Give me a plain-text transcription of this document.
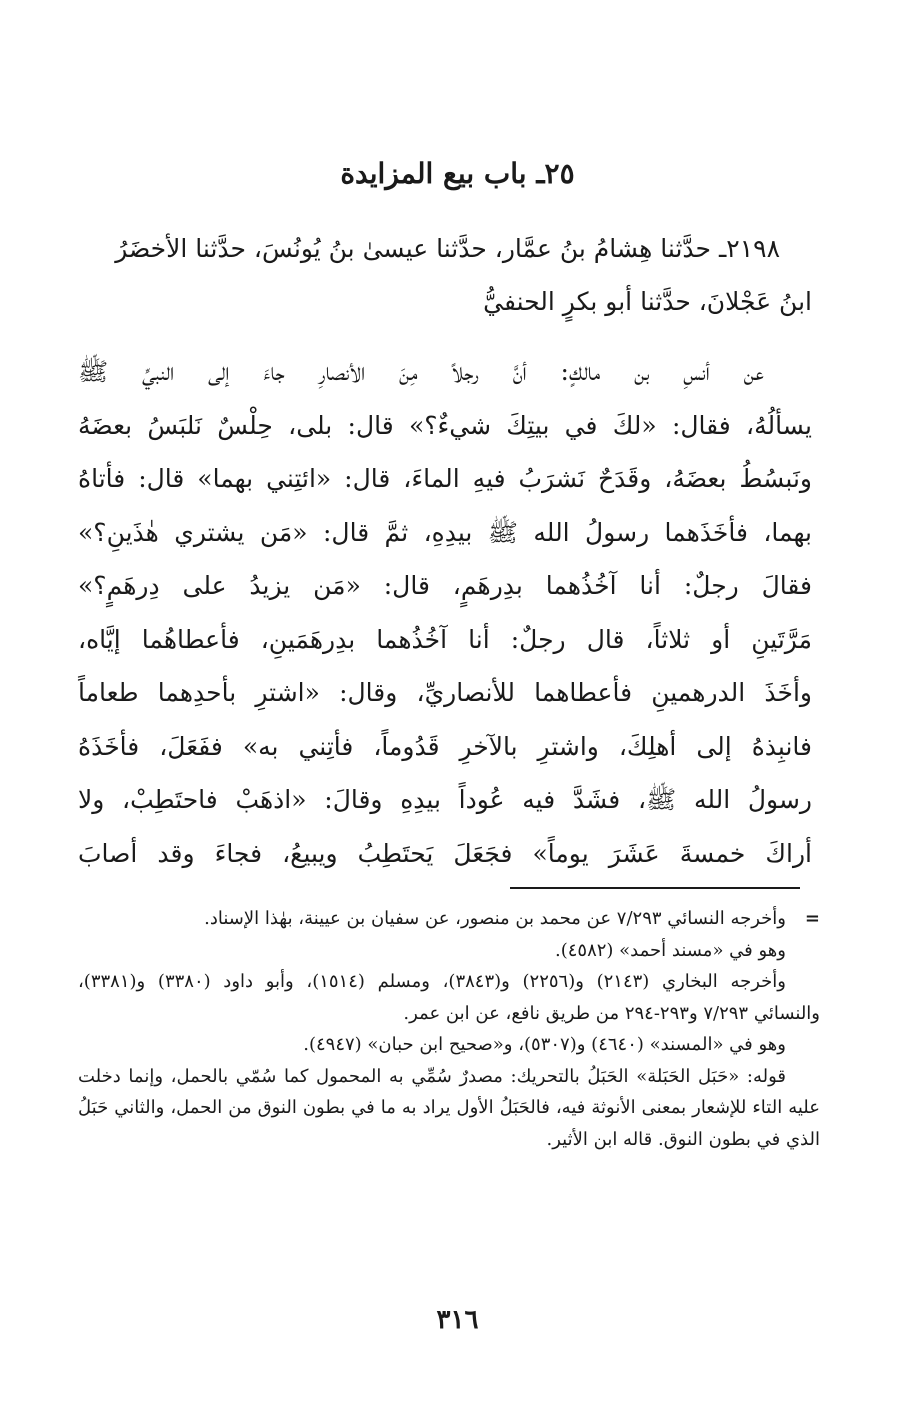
٢٥ـ باب بيع المزايدة
٢١٩٨ـ حدَّثنا هِشامُ بنُ عمَّار، حدَّثنا عيسىٰ بنُ يُونُسَ، حدَّثنا الأخضَرُ
ابنُ عَجْلانَ، حدَّثنا أبو بكرٍ الحنفيُّ
عن أنسِ بن مالكٍ: أنَّ رجلاً مِنَ الأنصارِ جاءَ إلى النبيِّ ﷺ
يسألُهُ، فقال: «لكَ في بيتِكَ شيءٌ؟» قال: بلى، حِلْسٌ نَلبَسُ بعضَهُ
ونَبسُطُ بعضَهُ، وقَدَحٌ نَشرَبُ فيهِ الماءَ، قال: «ائتِني بهما» قال: فأتاهُ
بهما، فأخَذَهما رسولُ الله ﷺ بيدِهِ، ثمَّ قال: «مَن يشتري هٰذَينِ؟»
فقالَ رجلٌ: أنا آخُذُهما بدِرهَمٍ، قال: «مَن يزيدُ على دِرهَمٍ؟»
مَرَّتَينِ أو ثلاثاً، قال رجلٌ: أنا آخُذُهما بدِرهَمَينِ، فأعطاهُما إيَّاه،
وأخَذَ الدرهمينِ فأعطاهما للأنصاريِّ، وقال: «اشترِ بأحدِهما طعاماً
فانبِذهُ إلى أهلِكَ، واشترِ بالآخرِ قَدُوماً، فأتِني به» ففَعَلَ، فأخَذَهُ
رسولُ الله ﷺ، فشَدَّ فيه عُوداً بيدِهِ وقالَ: «اذهَبْ فاحتَطِبْ، ولا
أراكَ خمسةَ عَشَرَ يوماً» فجَعَلَ يَحتَطِبُ ويبيعُ، فجاءَ وقد أصابَ
=
وأخرجه النسائي ٧/٢٩٣ عن محمد بن منصور، عن سفيان بن عيينة، بهٰذا الإسناد.

وهو في «مسند أحمد» (٤٥٨٢).

وأخرجه البخاري (٢١٤٣) و(٢٢٥٦) و(٣٨٤٣)، ومسلم (١٥١٤)، وأبو داود (٣٣٨٠) و(٣٣٨١)، والنسائي ٧/٢٩٣ و٢٩٣-٢٩٤ من طريق نافع، عن ابن عمر.

وهو في «المسند» (٤٦٤٠) و(٥٣٠٧)، و«صحيح ابن حبان» (٤٩٤٧).

قوله: «حَبَل الحَبَلة» الحَبَلُ بالتحريك: مصدرٌ سُمِّي به المحمول كما سُمّي بالحمل، وإنما دخلت عليه التاء للإشعار بمعنى الأنوثة فيه، فالحَبَلُ الأول يراد به ما في بطون النوق من الحمل، والثاني حَبَلُ الذي في بطون النوق. قاله ابن الأثير.

٣١٦
